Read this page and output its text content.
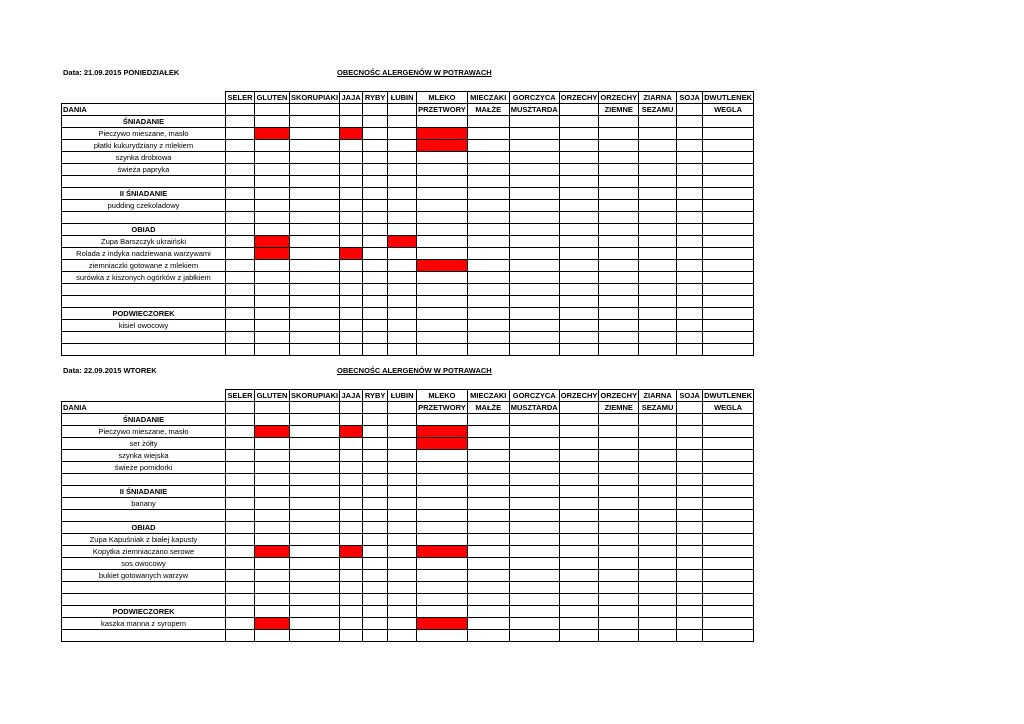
Data: 21.09.2015 PONIEDZIAŁEK	OBECNOŚC ALERGENÓW W POTRAWACH
	SELER	GLUTEN	SKORUPIAKI	JAJA	RYBY	ŁUBIN	MLEKO	MIECZAKI	GORCZYCA	ORZECHY	ORZECHY	ZIARNA	SOJA	DWUTLENEK
DANIA							PRZETWORY	MAŁŻE	MUSZTARDA		ZIEMNE	SEZAMU		WEGLA
ŚNIADANIE														
Pieczywo mieszane, masło														
płatki kukurydziany z mlekiem														
szynka drobiowa														
świeża papryka														

II ŚNIADANIE														
pudding czekoladowy														

OBIAD														
Zupa Barszczyk ukraiński														
Rolada z indyka nadziewana warzywami														
ziemniaczki gotowane z mlekiem														
surówka z kiszonych ogórków z jabłkiem														

PODWIECZOREK														
kisiel owocowy														

Data: 22.09.2015 WTOREK	OBECNOŚC ALERGENÓW W POTRAWACH
	SELER	GLUTEN	SKORUPIAKI	JAJA	RYBY	ŁUBIN	MLEKO	MIECZAKI	GORCZYCA	ORZECHY	ORZECHY	ZIARNA	SOJA	DWUTLENEK
DANIA							PRZETWORY	MAŁŻE	MUSZTARDA		ZIEMNE	SEZAMU		WEGLA
ŚNIADANIE														
Pieczywo mieszane, masło														
ser żółty														
szynka wiejska														
świeże pomidorki														

II ŚNIADANIE														
banany														

OBIAD														
Zupa Kapuśniak z białej kapusty														
Kopytka ziemniaczano serowe														
sos owocowy														
bukiet gotowanych warzyw														

PODWIECZOREK														
kaszka manna z syropem														
